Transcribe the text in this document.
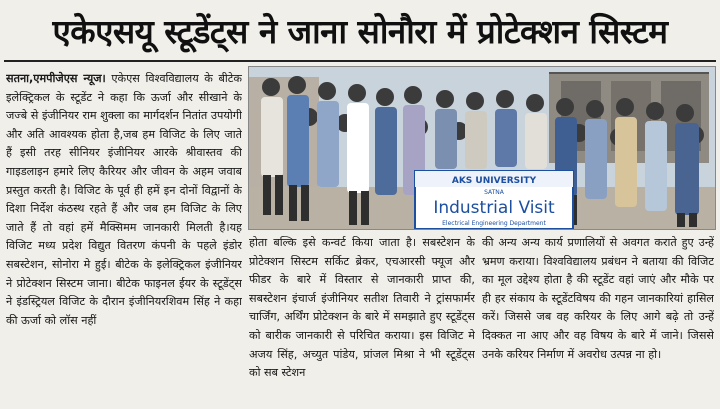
एकेएसयू स्टूडेंट्स ने जाना सोनौरा में प्रोटेक्शन सिस्टम

सतना,एमपीजेएस न्यूज। एकेएस विश्वविद्यालय के बीटेक इलेक्ट्रिकल के स्टूडेंट ने कहा कि ऊर्जा और सीखाने के जज्बे से इंजीनियर राम शुक्ला का मार्गदर्शन नितांत उपयोगी और अति आवश्यक होता है,जब हम विजिट के लिए जाते हैं इसी तरह सीनियर इंजीनियर आरके श्रीवास्तव की गाइडलाइन हमारे लिए कैरियर और जीवन के अहम जवाब प्रस्तुत करती है। विजिट के पूर्व ही हमें इन दोनों विद्वानों के दिशा निर्देश कंठस्थ रहते हैं और जब हम विजिट के लिए जाते हैं तो वहां हमें मैक्सिमम जानकारी मिलती है।यह विजिट मध्य प्रदेश विद्युत वितरण कंपनी के पहले इंडोर सबस्टेशन, सोनोरा मे हुई। बीटेक के इलेक्ट्रिकल इंजीनियर ने प्रोटेक्शन सिस्टम जाना। बीटेक फाइनल ईयर के स्टूडेंट्स ने इंडस्ट्रियल विजिट के दौरान इंजीनियरशिवम सिंह ने कहा की ऊर्जा को लॉस नहीं

AKS UNIVERSITY
SATNA
Industrial Visit
Electrical Engineering Department

होता बल्कि इसे कन्वर्ट किया जाता है। सबस्टेशन के प्रोटेक्शन सिस्टम सर्किट ब्रेकर, एचआरसी फ्यूज और फीडर के बारे में विस्तार से जानकारी प्राप्त की, सबस्टेशन इंचार्ज इंजीनियर सतीश तिवारी ने ट्रांसफार्मर चार्जिंग, अर्थिंग प्रोटेक्शन के बारे में समझाते हुए स्टूडेंट्स को बारीक जानकारी से परिचित कराया। इस विजिट मे अजय सिंह, अच्युत पांडेय, प्रांजल मिश्रा ने भी स्टूडेंट्स को सब स्टेशन

की अन्य अन्य कार्य प्रणालियों से अवगत कराते हुए उन्हें भ्रमण कराया। विश्वविद्यालय प्रबंधन ने बताया की विजिट का मूल उद्देश्य होता है की स्टूडेंट वहां जाएं और मौके पर ही हर संकाय के स्टूडेंटविषय की गहन जानकारियां हासिल करें। जिससे जब वह करियर के लिए आगे बढ़े तो उन्हें दिक्कत ना आए और वह विषय के बारे में जाने। जिससे उनके करियर निर्माण में अवरोध उत्पन्न ना हो।
